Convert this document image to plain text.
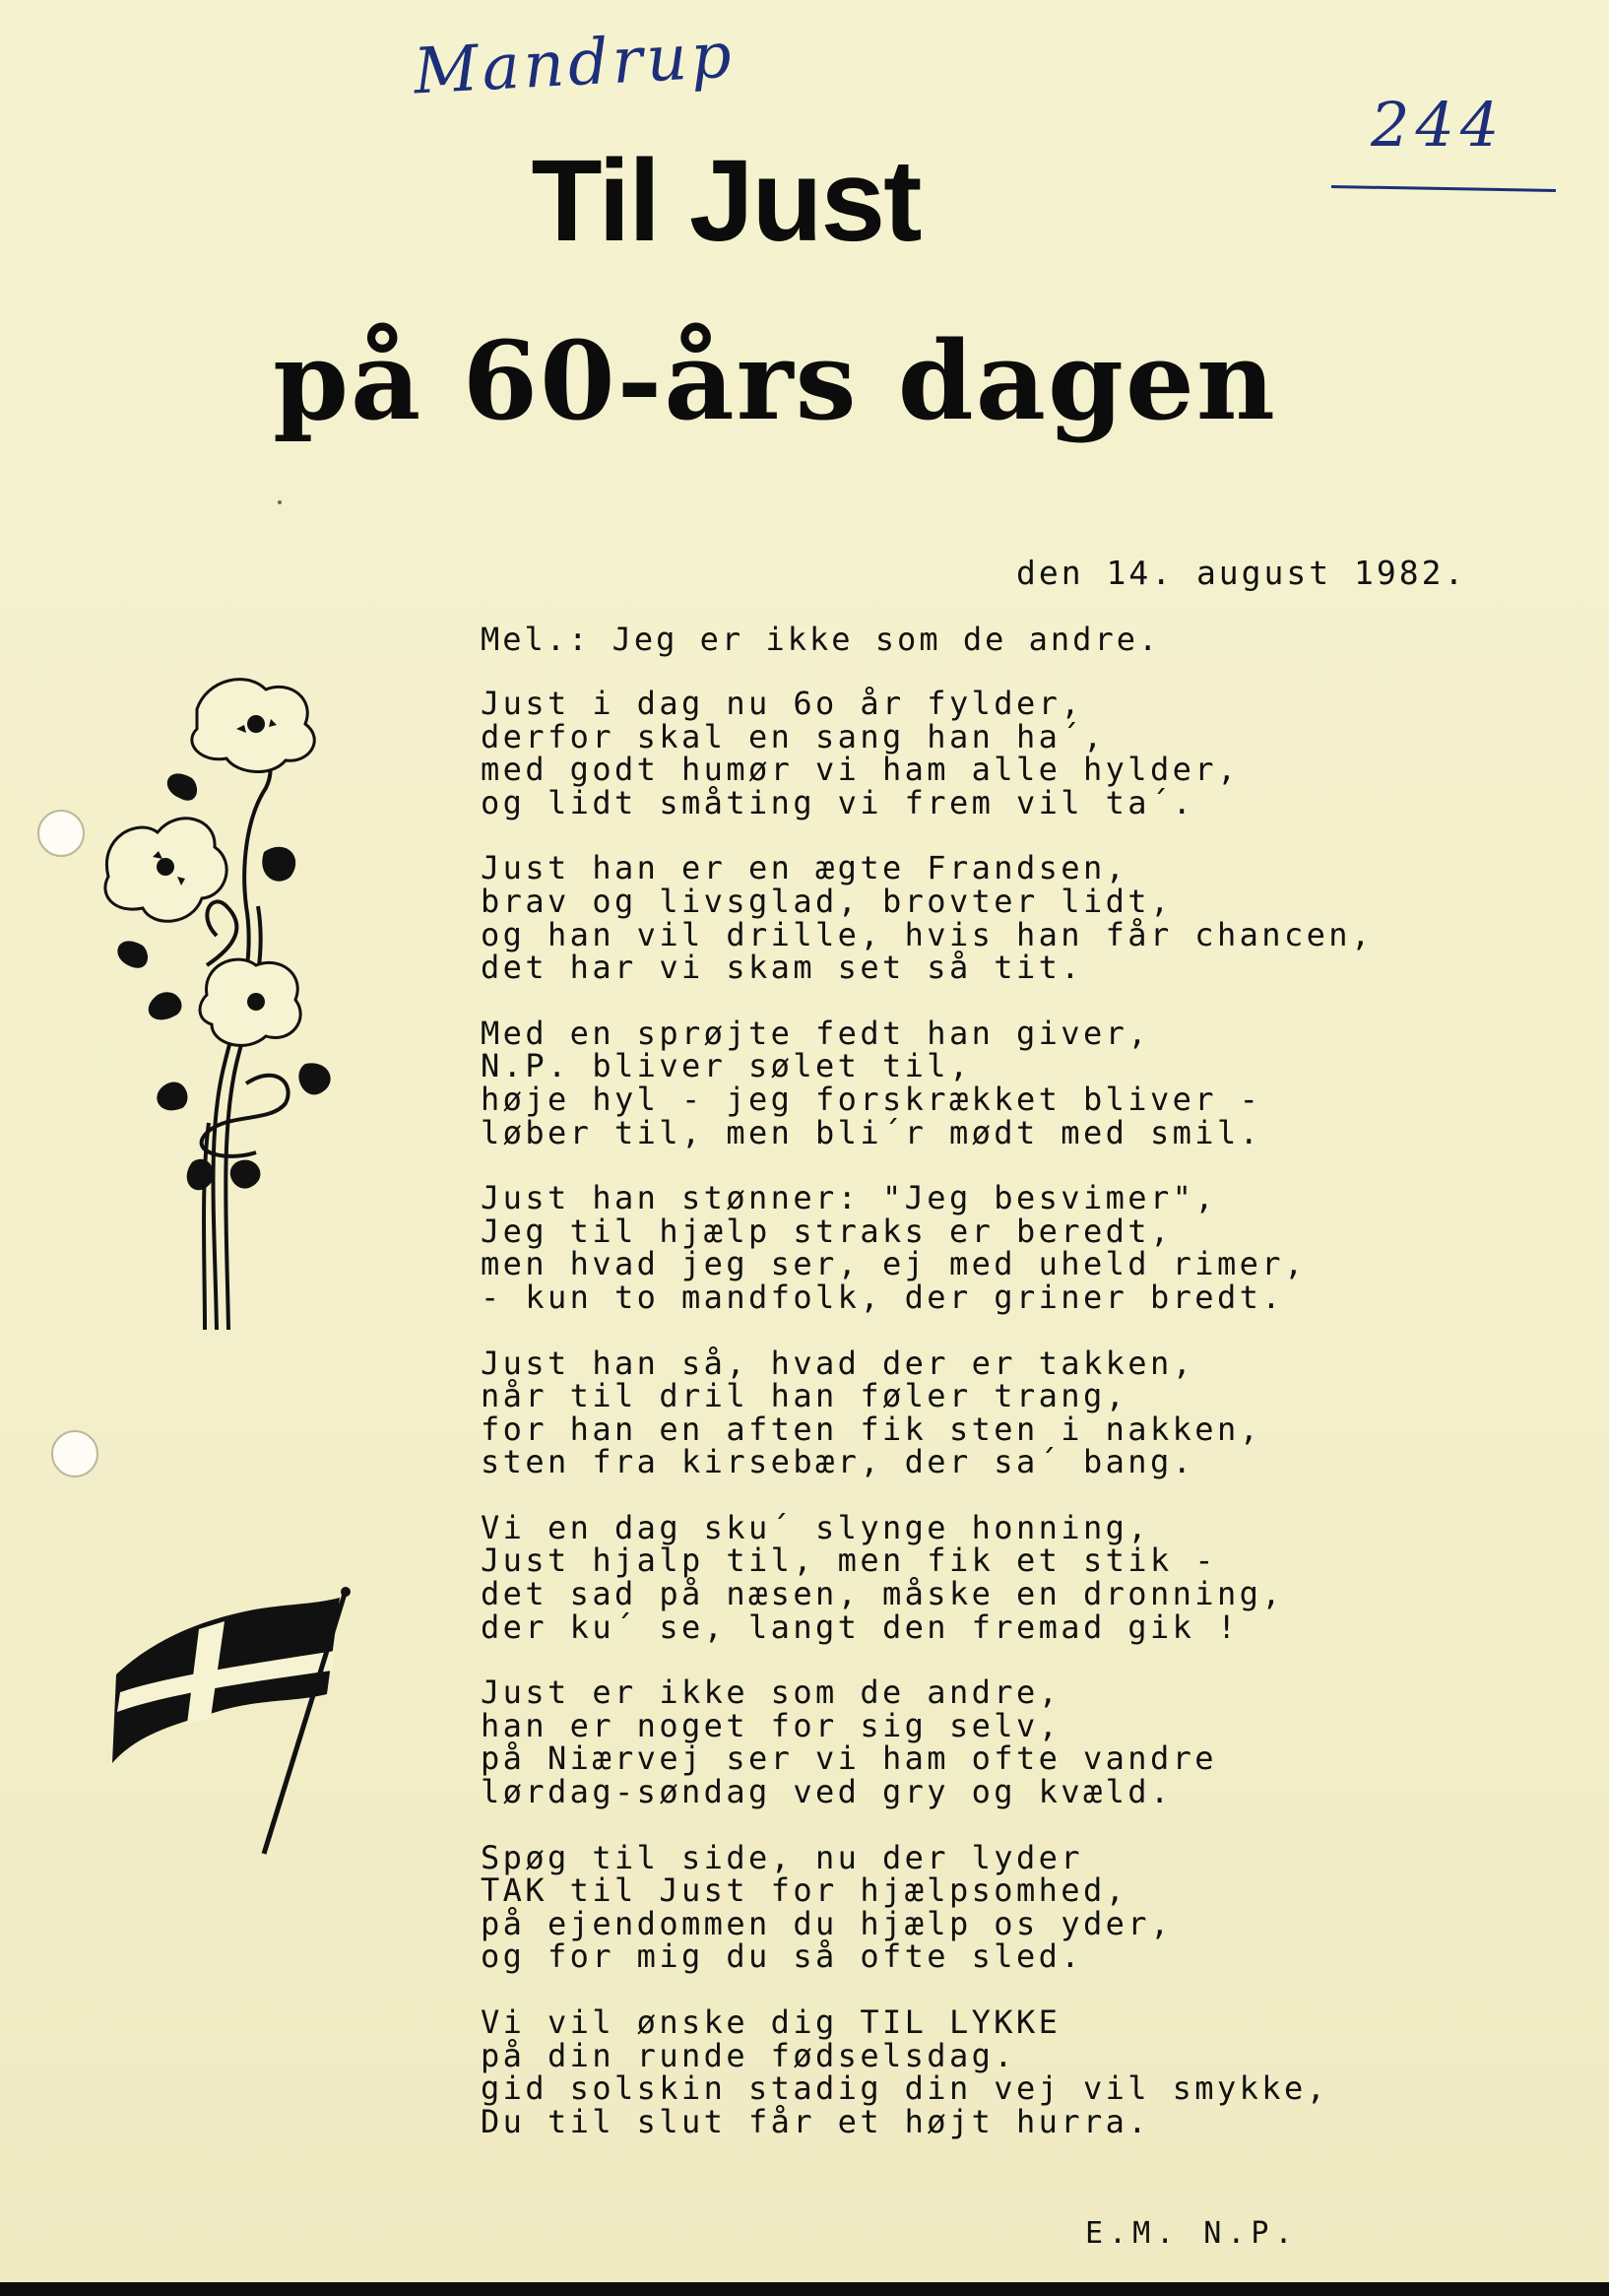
Mandrup
244
Til Just
på 60-års dagen
den 14. august 1982.
Mel.: Jeg er ikke som de andre.
Just i dag nu 6o år fylder,
derfor skal en sang han ha´,
med godt humør vi ham alle hylder,
og lidt småting vi frem vil ta´.
Just han er en ægte Frandsen,
brav og livsglad, brovter lidt,
og han vil drille, hvis han får chancen,
det har vi skam set så tit.
Med en sprøjte fedt han giver,
N.P. bliver sølet til,
høje hyl - jeg forskrækket bliver -
løber til, men bli´r mødt med smil.
Just han stønner: "Jeg besvimer",
Jeg til hjælp straks er beredt,
men hvad jeg ser, ej med uheld rimer,
- kun to mandfolk, der griner bredt.
Just han så, hvad der er takken,
når til dril han føler trang,
for han en aften fik sten i nakken,
sten fra kirsebær, der sa´ bang.
Vi en dag sku´ slynge honning,
Just hjalp til, men fik et stik -
det sad på næsen, måske en dronning,
der ku´ se, langt den fremad gik !
Just er ikke som de andre,
han er noget for sig selv,
på Niærvej ser vi ham ofte vandre
lørdag-søndag ved gry og kvæld.
Spøg til side, nu der lyder
TAK til Just for hjælpsomhed,
på ejendommen du hjælp os yder,
og for mig du så ofte sled.
Vi vil ønske dig TIL LYKKE
på din runde fødselsdag.
gid solskin stadig din vej vil smykke,
Du til slut får et højt hurra.
E.M. N.P.
